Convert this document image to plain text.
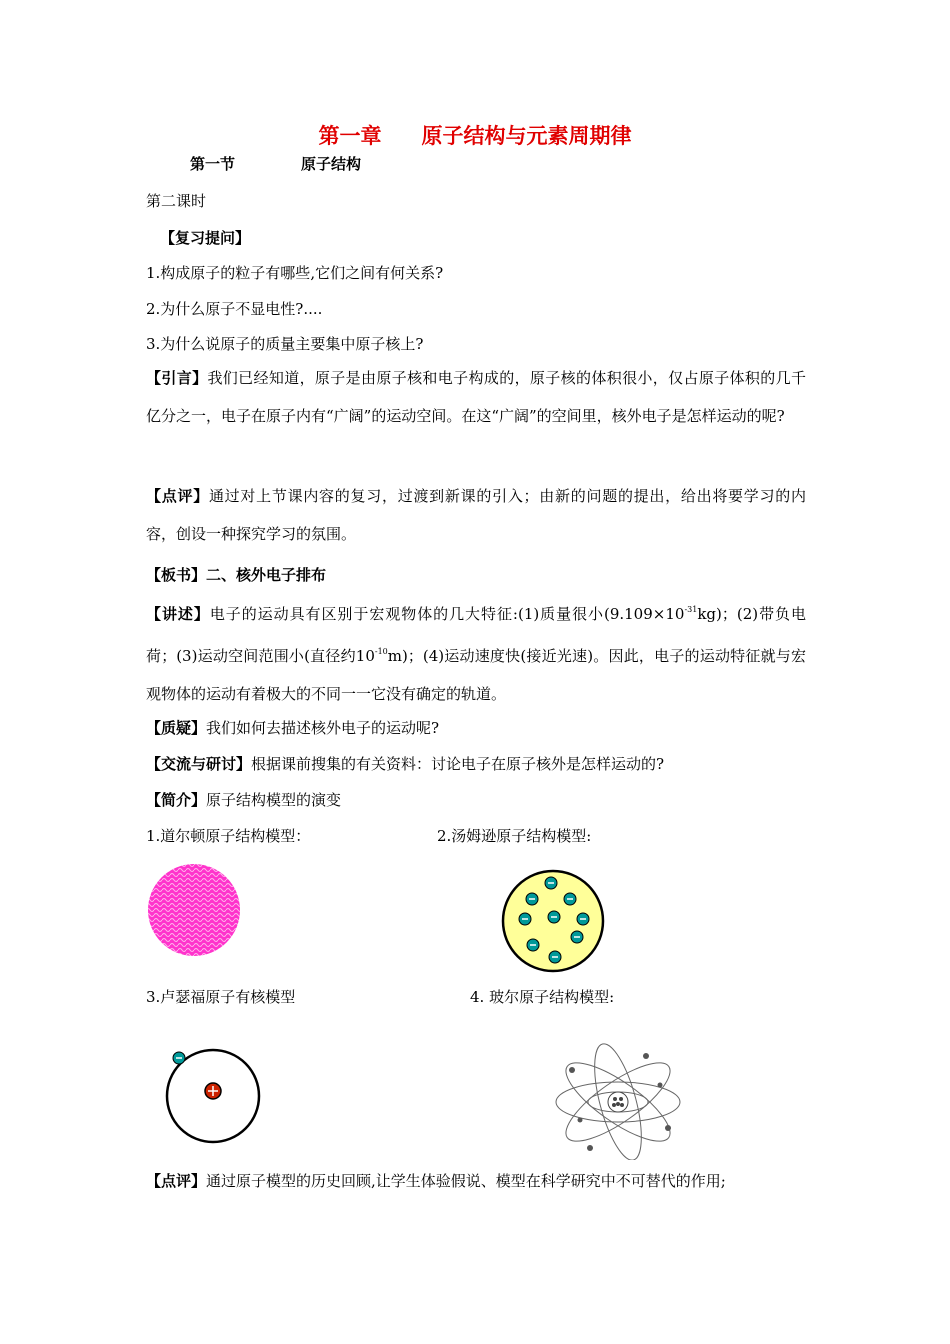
第一章 原子结构与元素周期律
第一节	原子结构
第二课时
【复习提问】
1.构成原子的粒子有哪些,它们之间有何关系?
2.为什么原子不显电性?....
3.为什么说原子的质量主要集中原子核上?
【引言】我们已经知道，原子是由原子核和电子构成的，原子核的体积很小，仅占原子体积的几千亿分之一，电子在原子内有“广阔”的运动空间。在这“广阔”的空间里，核外电子是怎样运动的呢?
【点评】通过对上节课内容的复习，过渡到新课的引入；由新的问题的提出，给出将要学习的内容，创设一种探究学习的氛围。
【板书】二、核外电子排布
【讲述】电子的运动具有区别于宏观物体的几大特征:(1)质量很小$(9.109\times 10^{-31}kg)$；(2)带负电荷；(3)运动空间范围小(直径约$10^{-10}m$)；(4)运动速度快(接近光速)。因此，电子的运动特征就与宏观物体的运动有着极大的不同一一它没有确定的轨道。
【质疑】我们如何去描述核外电子的运动呢?
【交流与研讨】根据课前搜集的有关资料：讨论电子在原子核外是怎样运动的?
【简介】原子结构模型的演变
1.道尔顿原子结构模型：	2.汤姆逊原子结构模型:
3.卢瑟福原子有核模型	4. 玻尔原子结构模型:
【点评】通过原子模型的历史回顾,让学生体验假说、模型在科学研究中不可替代的作用;
